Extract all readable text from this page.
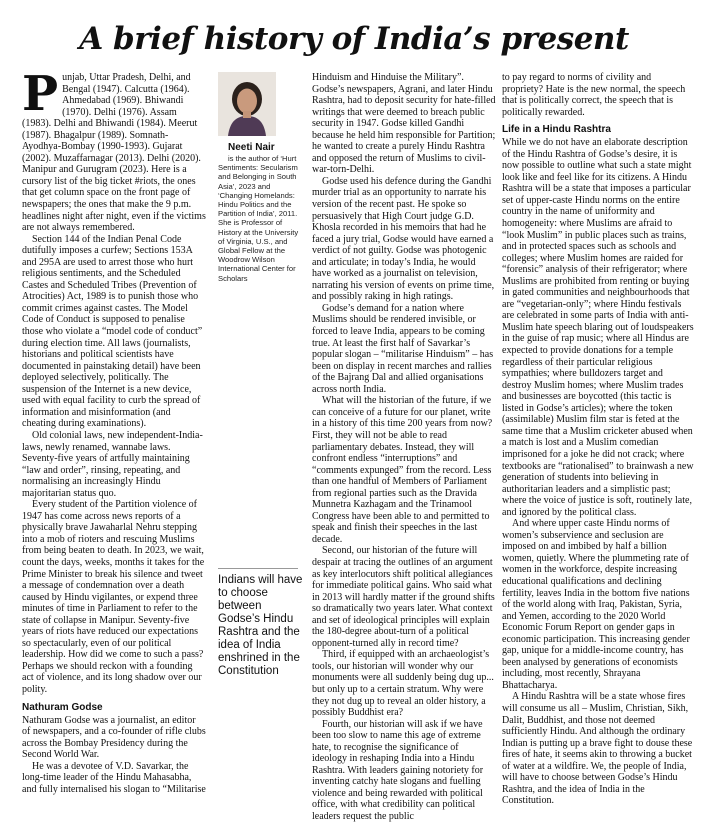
A brief history of India’s present
P unjab, Uttar Pradesh, Delhi, and Bengal (1947). Calcutta (1964). Ahmedabad (1969). Bhiwandi (1970). Delhi (1976). Assam (1983). Delhi and Bhiwandi (1984). Meerut (1987). Bhagalpur (1989). Somnath-Ayodhya-Bombay (1990-1993). Gujarat (2002). Muzaffarnagar (2013). Delhi (2020). Manipur and Gurugram (2023). Here is a cursory list of the big ticket #riots, the ones that get column space on the front page of newspapers; the ones that make the 9 p.m. headlines night after night, even if the victims are not always remembered.

Section 144 of the Indian Penal Code dutifully imposes a curfew; Sections 153A and 295A are used to arrest those who hurt religious sentiments, and the Scheduled Castes and Scheduled Tribes (Prevention of Atrocities) Act, 1989 is to punish those who commit crimes against castes. The Model Code of Conduct is supposed to penalise those who violate a “model code of conduct” during election time. All laws (journalists, historians and political scientists have documented in painstaking detail) have been deployed selectively, politically. The suspension of the Internet is a new device, used with equal facility to curb the spread of information and misinformation (and cheating during examinations).

Old colonial laws, new independent-India-laws, newly renamed, wannabe laws. Seventy-five years of artfully maintaining “law and order”, rinsing, repeating, and normalising an increasingly Hindu majoritarian status quo.

Every student of the Partition violence of 1947 has come across news reports of a physically brave Jawaharlal Nehru stepping into a mob of rioters and rescuing Muslims from being beaten to death. In 2023, we wait, count the days, weeks, months it takes for the Prime Minister to break his silence and tweet a message of condemnation over a death caused by Hindu vigilantes, or expend three minutes of time in Parliament to refer to the state of collapse in Manipur. Seventy-five years of riots have reduced our expectations so spectacularly, even of our political leadership. How did we come to such a pass? Perhaps we should reckon with a founding act of violence, and its long shadow over our polity.

Nathuram Godse

Nathuram Godse was a journalist, an editor of newspapers, and a co-founder of rifle clubs across the Bombay Presidency during the Second World War.

He was a devotee of V.D. Savarkar, the long-time leader of the Hindu Mahasabha, and fully internalised his slogan to “Militarise

Neeti Nair

is the author of ‘Hurt Sentiments: Secularism and Belonging in South Asia’, 2023 and ‘Changing Homelands: Hindu Politics and the Partition of India’, 2011. She is Professor of History at the University of Virginia, U.S., and Global Fellow at the Woodrow Wilson International Center for Scholars

Indians will have to choose between Godse’s Hindu Rashtra and the idea of India enshrined in the Constitution

Hinduism and Hinduise the Military”. Godse’s newspapers, Agrani, and later Hindu Rashtra, had to deposit security for hate-filled writings that were deemed to breach public security in 1947. Godse killed Gandhi because he held him responsible for Partition; he wanted to create a purely Hindu Rashtra and opposed the return of Muslims to civil-war-torn-Delhi.

Godse used his defence during the Gandhi murder trial as an opportunity to narrate his version of the recent past. He spoke so persuasively that High Court judge G.D. Khosla recorded in his memoirs that had he faced a jury trial, Godse would have earned a verdict of not guilty. Godse was photogenic and articulate; in today’s India, he would have worked as a journalist on television, narrating his version of events on prime time, and possibly raking in high ratings.

Godse’s demand for a nation where Muslims should be rendered invisible, or forced to leave India, appears to be coming true. At least the first half of Savarkar’s popular slogan – “militarise Hinduism” – has been on display in recent marches and rallies of the Bajrang Dal and allied organisations across north India.

What will the historian of the future, if we can conceive of a future for our planet, write in a history of this time 200 years from now? First, they will not be able to read parliamentary debates. Instead, they will confront endless “interruptions” and “comments expunged” from the record. Less than one handful of Members of Parliament from regional parties such as the Dravida Munnetra Kazhagam and the Trinamool Congress have been able to and permitted to speak and finish their speeches in the last decade.

Second, our historian of the future will despair at tracing the outlines of an argument as key interlocutors shift political allegiances for immediate political gains. Who said what in 2013 will hardly matter if the ground shifts so dramatically two years later. What context and set of ideological principles will explain the 180-degree about-turn of a political opponent-turned ally in record time?

Third, if equipped with an archaeologist’s tools, our historian will wonder why our monuments were all suddenly being dug up... but only up to a certain stratum. Why were they not dug up to reveal an older history, a possibly Buddhist era?

Fourth, our historian will ask if we have been too slow to name this age of extreme hate, to recognise the significance of ideology in reshaping India into a Hindu Rashtra. With leaders gaining notoriety for inventing catchy hate slogans and fuelling violence and being rewarded with political office, with what credibility can political leaders request the public

to pay regard to norms of civility and propriety? Hate is the new normal, the speech that is politically correct, the speech that is politically rewarded.

Life in a Hindu Rashtra

While we do not have an elaborate description of the Hindu Rashtra of Godse’s desire, it is now possible to outline what such a state might look like and feel like for its citizens. A Hindu Rashtra will be a state that imposes a particular set of upper-caste Hindu norms on the entire country in the name of uniformity and homogeneity: where Muslims are afraid to “look Muslim” in public places such as trains, and in protected spaces such as schools and colleges; where Muslim homes are raided for “forensic” analysis of their refrigerator; where Muslims are prohibited from renting or buying in gated communities and neighbourhoods that are “vegetarian-only”; where Hindu festivals are celebrated in some parts of India with anti-Muslim hate speech blaring out of loudspeakers in the guise of rap music; where all Hindus are expected to provide donations for a temple regardless of their particular religious sympathies; where bulldozers target and destroy Muslim homes; where Muslim trades and businesses are boycotted (this tactic is listed in Godse’s articles); where the token (assimilable) Muslim film star is feted at the same time that a Muslim cricketer abused when a match is lost and a Muslim comedian imprisoned for a joke he did not crack; where textbooks are “rationalised” to brainwash a new generation of students into believing in authoritarian leaders and a simplistic past; where the voice of justice is soft, routinely late, and ignored by the political class.

And where upper caste Hindu norms of women’s subservience and seclusion are imposed on and imbibed by half a billion women, quietly. Where the plummeting rate of women in the workforce, despite increasing educational qualifications and declining fertility, leaves India in the bottom five nations of the world along with Iraq, Pakistan, Syria, and Yemen, according to the 2020 World Economic Forum Report on gender gaps in economic participation. This increasing gender gap, unique for a middle-income country, has been analysed by generations of economists including, most recently, Shrayana Bhattacharya.

A Hindu Rashtra will be a state whose fires will consume us all – Muslim, Christian, Sikh, Dalit, Buddhist, and those not deemed sufficiently Hindu. And although the ordinary Indian is putting up a brave fight to douse these fires of hate, it seems akin to throwing a bucket of water at a wildfire. We, the people of India, will have to choose between Godse’s Hindu Rashtra, and the idea of India in the Constitution.
